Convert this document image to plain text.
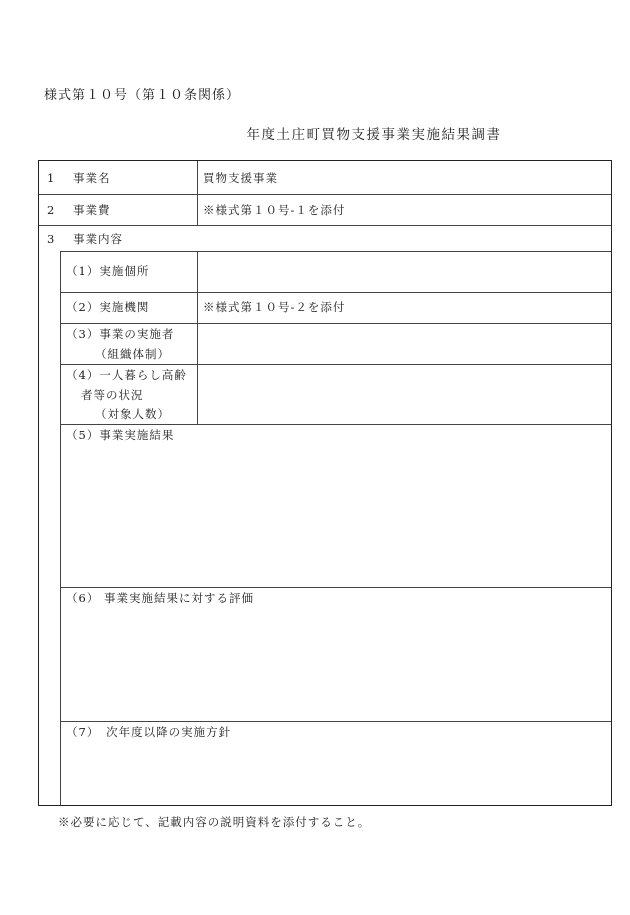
様式第１０号（第１０条関係）
年度土庄町買物支援事業実施結果調書
1 事業名	買物支援事業
2 事業費	※様式第１０号-１を添付
3 事業内容
（1）実施個所
（2）実施機関	※様式第１０号-２を添付
（3）事業の実施者
（組織体制）
（4）一人暮らし高齢
者等の状況
（対象人数）
（5）事業実施結果
（6） 事業実施結果に対する評価
（7）　次年度以降の実施方針
※必要に応じて、記載内容の説明資料を添付すること。
